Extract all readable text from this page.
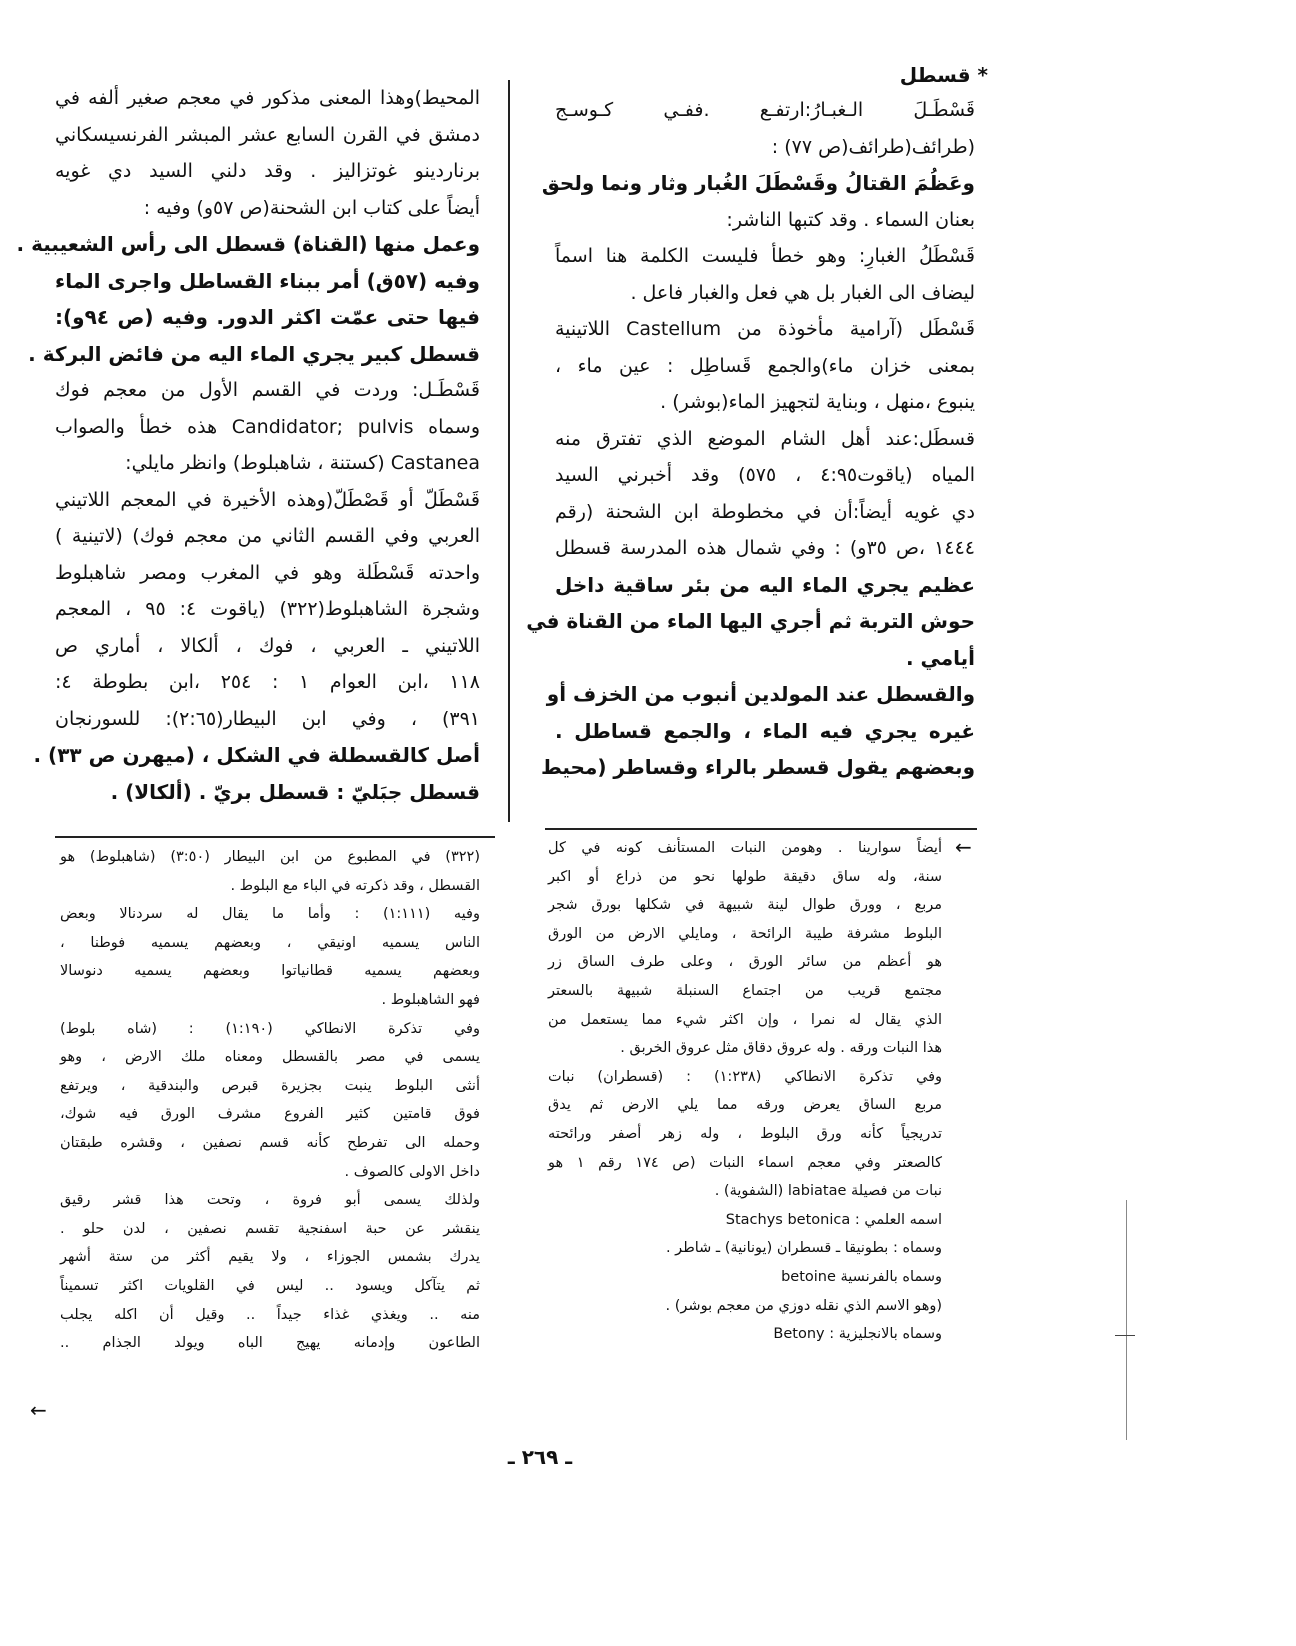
* قسطل
قَسْطَـلَ الـغبـارُ:ارتفـع .ففـي كـوسـج
(طرائف(طرائف(ص ٧٧) :
وعَظُمَ القتالُ وقَسْطَلَ الغُبار وثار ونما ولحق
بعنان السماء . وقد كتبها الناشر:
قَسْطَلُ الغبارِ: وهو خطأ فليست الكلمة هنا اسماً
ليضاف الى الغبار بل هي فعل والغبار فاعل .
قَسْطَل (آرامية مأخوذة من Castellum اللاتينية
بمعنى خزان ماء)والجمع قَساطِل : عين ماء ،
ينبوع ،منهل ، وبناية لتجهيز الماء(بوشر) .
قسطَل:عند أهل الشام الموضع الذي تفترق منه
المياه (ياقوت٤:٩٥ ، ٥٧٥) وقد أخبرني السيد
دي غويه أيضاً:أن في مخطوطة ابن الشحنة (رقم
١٤٤٤ ،ص ٣٥و) : وفي شمال هذه المدرسة قسطل
عظيم يجري الماء اليه من بئر ساقية داخل
حوش التربة ثم أجري اليها الماء من القناة في
أيامي .
والقسطل عند المولدين أنبوب من الخزف أو
غيره يجري فيه الماء ، والجمع قساطل .
وبعضهم يقول قسطر بالراء وقساطر (محيط
المحيط)وهذا المعنى مذكور في معجم صغير ألفه في
دمشق في القرن السابع عشر المبشر الفرنسيسكاني
برناردينو غوتزاليز . وقد دلني السيد دي غويه
أيضاً على كتاب ابن الشحنة(ص ٥٧و) وفيه :
وعمل منها (القناة) قسطل الى رأس الشعيبية .
وفيه (٥٧ق) أمر ببناء القساطل واجرى الماء
فيها حتى عمّت اكثر الدور. وفيه (ص ٩٤و):
قسطل كبير يجري الماء اليه من فائض البركة .
قَسْطَـل: وردت في القسم الأول من معجم فوك
وسماه Candidator; pulvis هذه خطأ والصواب
Castanea (كستنة ، شاهبلوط) وانظر مايلي:
قَسْطَلّ أو قَصْطَلّ(وهذه الأخيرة في المعجم اللاتيني
العربي وفي القسم الثاني من معجم فوك) (لاتينية )
واحدته قَسْطَلة وهو في المغرب ومصر شاهبلوط
وشجرة الشاهبلوط(٣٢٢) (ياقوت ٤: ٩٥ ، المعجم
اللاتيني ـ العربي ، فوك ، ألكالا ، أماري ص
١١٨ ،ابن العوام ١ : ٢٥٤ ،ابن بطوطة ٤:
٣٩١) ، وفي ابن البيطار(٢:٦٥): للسورنجان
أصل كالقسطلة في الشكل ، (ميهرن ص ٣٣) .
قسطل جبَليّ : قسطل بريّ . (ألكالا) .
←
أيضاً سوارينا . وهومن النبات المستأنف كونه في كل
سنة، وله ساق دقيقة طولها نحو من ذراع أو اكبر
مربع ، وورق طوال لينة شبيهة في شكلها بورق شجر
البلوط مشرفة طيبة الرائحة ، ومايلي الارض من الورق
هو أعظم من سائر الورق ، وعلى طرف الساق زر
مجتمع قريب من اجتماع السنبلة شبيهة بالسعتر
الذي يقال له نمرا ، وإن اكثر شيء مما يستعمل من
هذا النبات ورقه . وله عروق دقاق مثل عروق الخربق .
وفي تذكرة الانطاكي (١:٢٣٨) : (قسطران) نبات
مربع الساق يعرض ورقه مما يلي الارض ثم يدق
تدريجياً كأنه ورق البلوط ، وله زهر أصفر ورائحته
كالصعتر وفي معجم اسماء النبات (ص ١٧٤ رقم ١ هو
نبات من فصيلة labiatae (الشفوية) .
اسمه العلمي : Stachys betonica
وسماه : بطونيقا ـ قسطران (يونانية) ـ شاطر .
وسماه بالفرنسية betoine
(وهو الاسم الذي نقله دوزي من معجم بوشر) .
وسماه بالانجليزية : Betony
(٣٢٢) في المطبوع من ابن البيطار (٣:٥٠) (شاهبلوط) هو
القسطل ، وقد ذكرته في الباء مع البلوط .
وفيه (١:١١١) : وأما ما يقال له سردنالا وبعض
الناس يسميه اونيقي ، وبعضهم يسميه فوطنا ،
وبعضهم يسميه قطانياتوا وبعضهم يسميه دنوسالا
فهو الشاهبلوط .
وفي تذكرة الانطاكي (١:١٩٠) : (شاه بلوط)
يسمى في مصر بالقسطل ومعناه ملك الارض ، وهو
أنثى البلوط ينبت بجزيرة قبرص والبندقية ، ويرتفع
فوق قامتين كثير الفروع مشرف الورق فيه شوك،
وحمله الى تفرطح كأنه قسم نصفين ، وقشره طبقتان
داخل الاولى كالصوف .
ولذلك يسمى أبو فروة ، وتحت هذا قشر رقيق
ينقشر عن حبة اسفنجية تقسم نصفين ، لدن حلو .
يدرك بشمس الجوزاء ، ولا يقيم أكثر من ستة أشهر
ثم يتآكل ويسود .. ليس في القلويات اكثر تسميناً
منه .. ويغذي غذاء جيداً .. وقيل أن اكله يجلب
الطاعون وإدمانه يهيج الباه ويولد الجذام ..
←
ـ ٢٦٩ ـ
